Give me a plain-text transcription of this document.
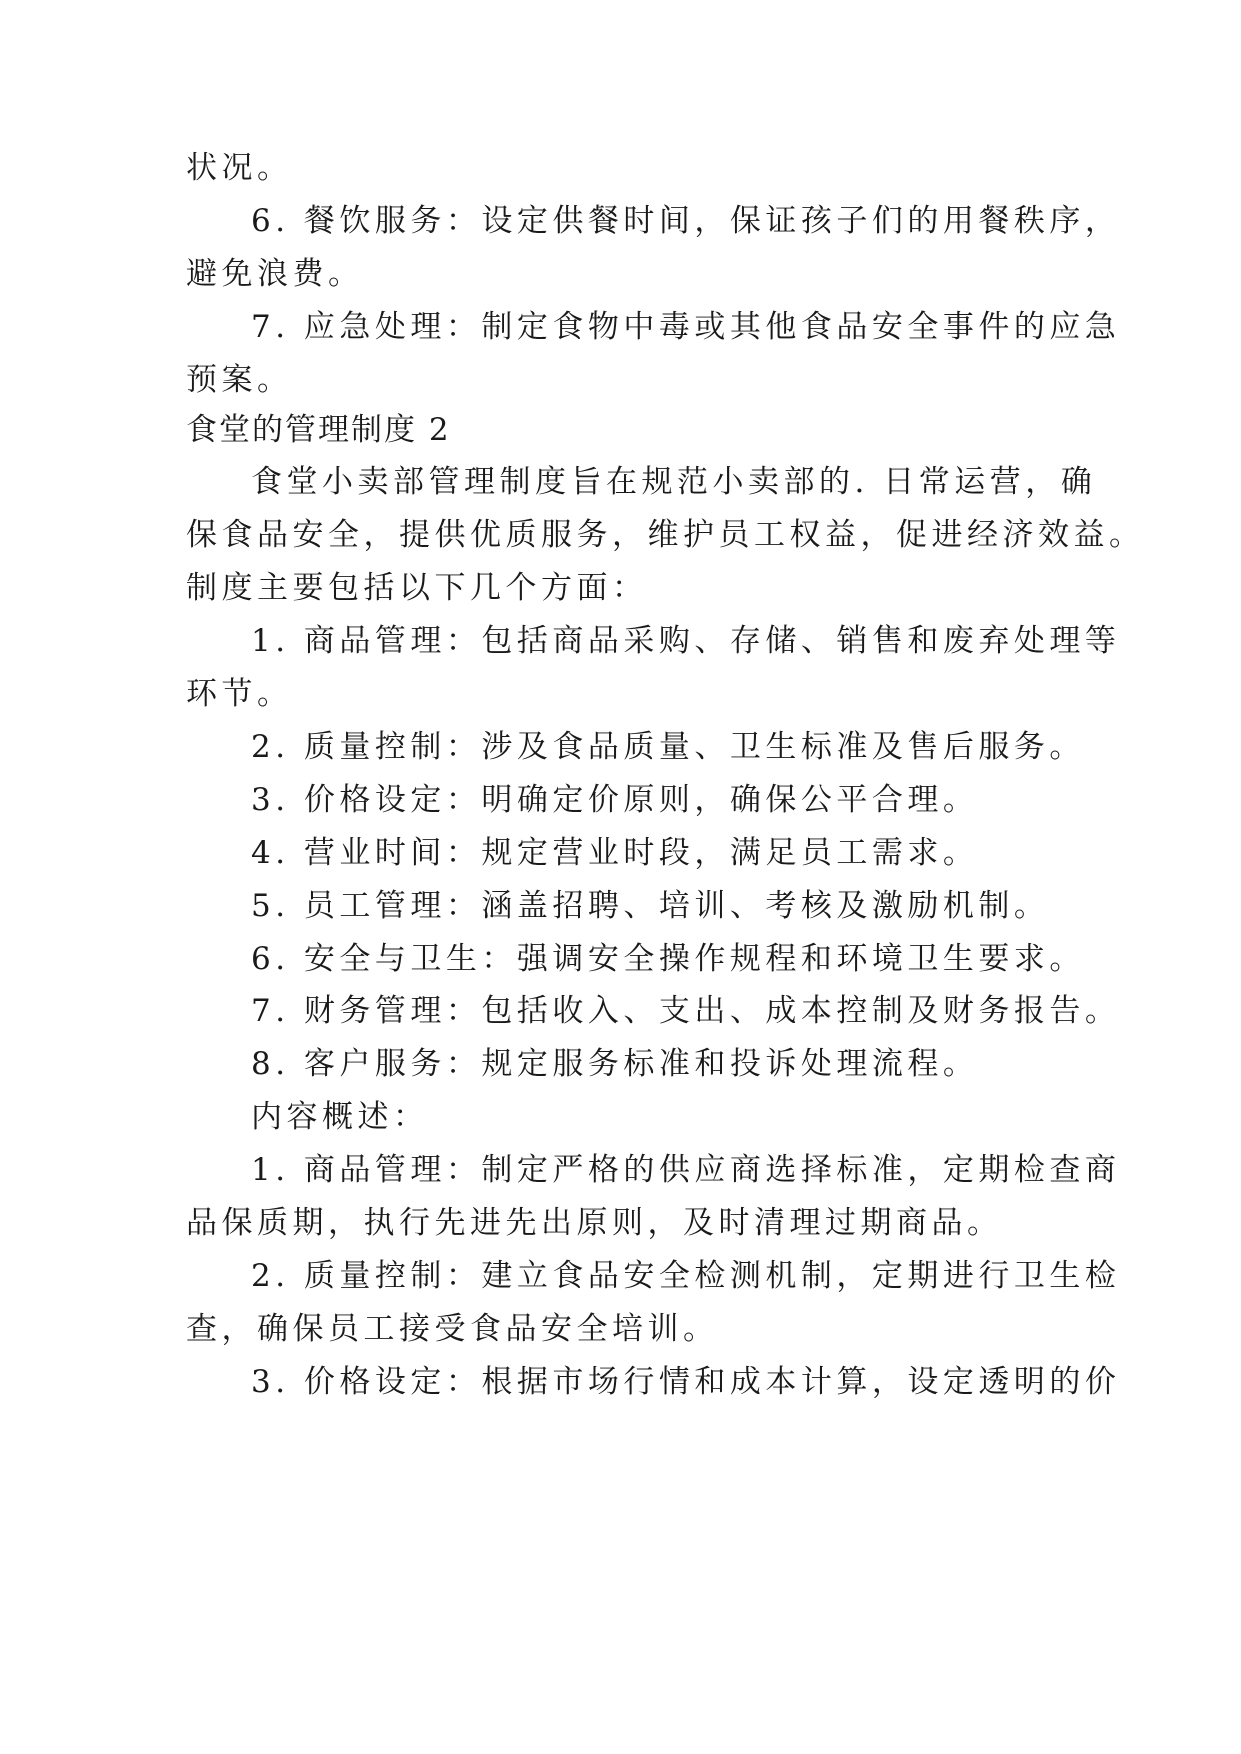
状况。
6. 餐饮服务：设定供餐时间，保证孩子们的用餐秩序，
避免浪费。
7. 应急处理：制定食物中毒或其他食品安全事件的应急
预案。
食堂的管理制度 2
食堂小卖部管理制度旨在规范小卖部的. 日常运营，确
保食品安全，提供优质服务，维护员工权益，促进经济效益。
制度主要包括以下几个方面：
1. 商品管理：包括商品采购、存储、销售和废弃处理等
环节。
2. 质量控制：涉及食品质量、卫生标准及售后服务。
3. 价格设定：明确定价原则，确保公平合理。
4. 营业时间：规定营业时段，满足员工需求。
5. 员工管理：涵盖招聘、培训、考核及激励机制。
6. 安全与卫生：强调安全操作规程和环境卫生要求。
7. 财务管理：包括收入、支出、成本控制及财务报告。
8. 客户服务：规定服务标准和投诉处理流程。
内容概述：
1. 商品管理：制定严格的供应商选择标准，定期检查商
品保质期，执行先进先出原则，及时清理过期商品。
2. 质量控制：建立食品安全检测机制，定期进行卫生检
查，确保员工接受食品安全培训。
3. 价格设定：根据市场行情和成本计算，设定透明的价
